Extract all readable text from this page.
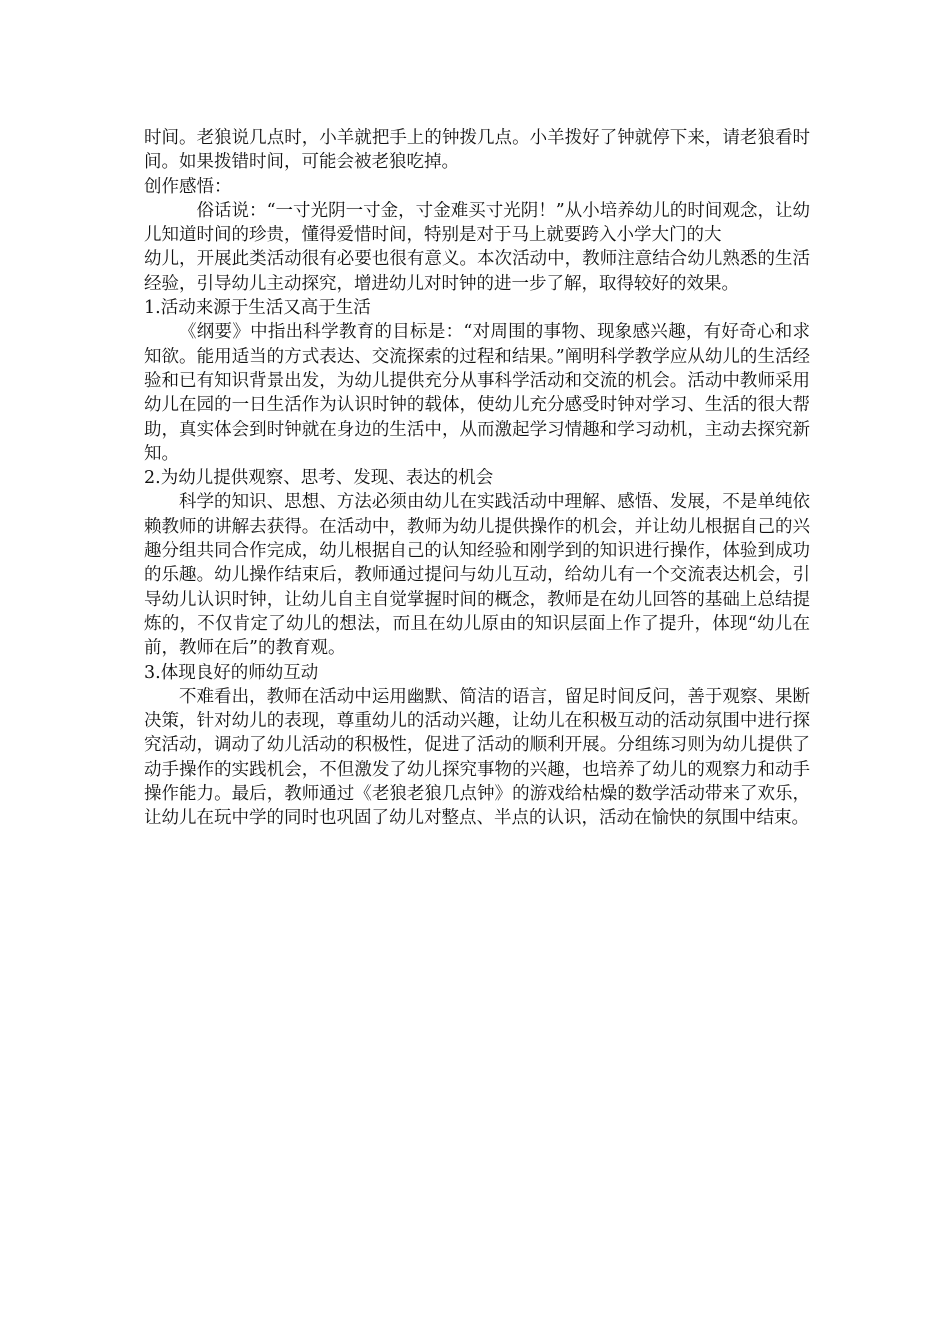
时间。老狼说几点时，小羊就把手上的钟拨几点。小羊拨好了钟就停下来，请老狼看时间。如果拨错时间，可能会被老狼吃掉。

创作感悟：

俗话说：“一寸光阴一寸金，寸金难买寸光阴！”从小培养幼儿的时间观念，让幼儿知道时间的珍贵，懂得爱惜时间，特别是对于马上就要跨入小学大门的大

幼儿，开展此类活动很有必要也很有意义。本次活动中，教师注意结合幼儿熟悉的生活经验，引导幼儿主动探究，增进幼儿对时钟的进一步了解，取得较好的效果。

1.活动来源于生活又高于生活

《纲要》中指出科学教育的目标是：“对周围的事物、现象感兴趣，有好奇心和求知欲。能用适当的方式表达、交流探索的过程和结果。”阐明科学教学应从幼儿的生活经验和已有知识背景出发，为幼儿提供充分从事科学活动和交流的机会。活动中教师采用幼儿在园的一日生活作为认识时钟的载体，使幼儿充分感受时钟对学习、生活的很大帮助，真实体会到时钟就在身边的生活中，从而激起学习情趣和学习动机，主动去探究新知。

2.为幼儿提供观察、思考、发现、表达的机会

科学的知识、思想、方法必须由幼儿在实践活动中理解、感悟、发展，不是单纯依赖教师的讲解去获得。在活动中，教师为幼儿提供操作的机会，并让幼儿根据自己的兴趣分组共同合作完成，幼儿根据自己的认知经验和刚学到的知识进行操作，体验到成功的乐趣。幼儿操作结束后，教师通过提问与幼儿互动，给幼儿有一个交流表达机会，引导幼儿认识时钟，让幼儿自主自觉掌握时间的概念，教师是在幼儿回答的基础上总结提炼的，不仅肯定了幼儿的想法，而且在幼儿原由的知识层面上作了提升，体现“幼儿在前，教师在后”的教育观。

3.体现良好的师幼互动

不难看出，教师在活动中运用幽默、简洁的语言，留足时间反问，善于观察、果断决策，针对幼儿的表现，尊重幼儿的活动兴趣，让幼儿在积极互动的活动氛围中进行探究活动，调动了幼儿活动的积极性，促进了活动的顺利开展。分组练习则为幼儿提供了动手操作的实践机会，不但激发了幼儿探究事物的兴趣，也培养了幼儿的观察力和动手操作能力。最后，教师通过《老狼老狼几点钟》的游戏给枯燥的数学活动带来了欢乐，让幼儿在玩中学的同时也巩固了幼儿对整点、半点的认识，活动在愉快的氛围中结束。
